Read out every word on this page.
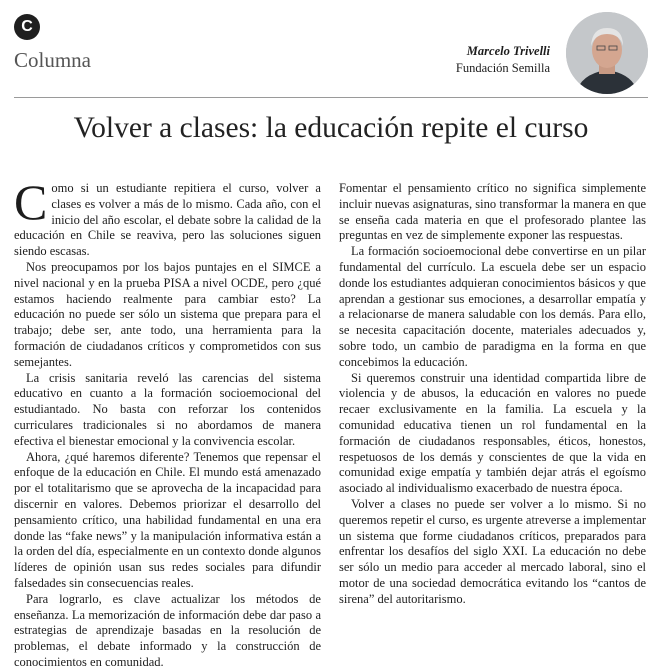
C
Columna	Marcelo Trivelli
Fundación Semilla
Volver a clases: la educación repite el curso

Como si un estudiante repitiera el curso, volver a clases es volver a más de lo mismo. Cada año, con el inicio del año escolar, el debate sobre la calidad de la educación en Chile se reaviva, pero las soluciones siguen siendo escasas.

Nos preocupamos por los bajos puntajes en el SIMCE a nivel nacional y en la prueba PISA a nivel OCDE, pero ¿qué estamos haciendo realmente para cambiar esto? La educación no puede ser sólo un sistema que prepara para el trabajo; debe ser, ante todo, una herramienta para la formación de ciudadanos críticos y comprometidos con sus semejantes.

La crisis sanitaria reveló las carencias del sistema educativo en cuanto a la formación socioemocional del estudiantado. No basta con reforzar los contenidos curriculares tradicionales si no abordamos de manera efectiva el bienestar emocional y la convivencia escolar.

Ahora, ¿qué haremos diferente? Tenemos que repensar el enfoque de la educación en Chile. El mundo está amenazado por el totalitarismo que se aprovecha de la incapacidad para discernir en valores. Debemos priorizar el desarrollo del pensamiento crítico, una habilidad fundamental en una era donde las “fake news” y la manipulación informativa están a la orden del día, especialmente en un contexto donde algunos líderes de opinión usan sus redes sociales para difundir falsedades sin consecuencias reales.

Para lograrlo, es clave actualizar los métodos de enseñanza. La memorización de información debe dar paso a estrategias de aprendizaje basadas en la resolución de problemas, el debate informado y la construcción de conocimientos en comunidad.

Fomentar el pensamiento crítico no significa simplemente incluir nuevas asignaturas, sino transformar la manera en que se enseña cada materia en que el profesorado plantee las preguntas en vez de simplemente exponer las respuestas.

La formación socioemocional debe convertirse en un pilar fundamental del currículo. La escuela debe ser un espacio donde los estudiantes adquieran conocimientos básicos y que aprendan a gestionar sus emociones, a desarrollar empatía y a relacionarse de manera saludable con los demás. Para ello, se necesita capacitación docente, materiales adecuados y, sobre todo, un cambio de paradigma en la forma en que concebimos la educación.

Si queremos construir una identidad compartida libre de violencia y de abusos, la educación en valores no puede recaer exclusivamente en la familia. La escuela y la comunidad educativa tienen un rol fundamental en la formación de ciudadanos responsables, éticos, honestos, respetuosos de los demás y conscientes de que la vida en comunidad exige empatía y también dejar atrás el egoísmo asociado al individualismo exacerbado de nuestra época.

Volver a clases no puede ser volver a lo mismo. Si no queremos repetir el curso, es urgente atreverse a implementar un sistema que forme ciudadanos críticos, preparados para enfrentar los desafíos del siglo XXI. La educación no debe ser sólo un medio para acceder al mercado laboral, sino el motor de una sociedad democrática evitando los “cantos de sirena” del autoritarismo.
